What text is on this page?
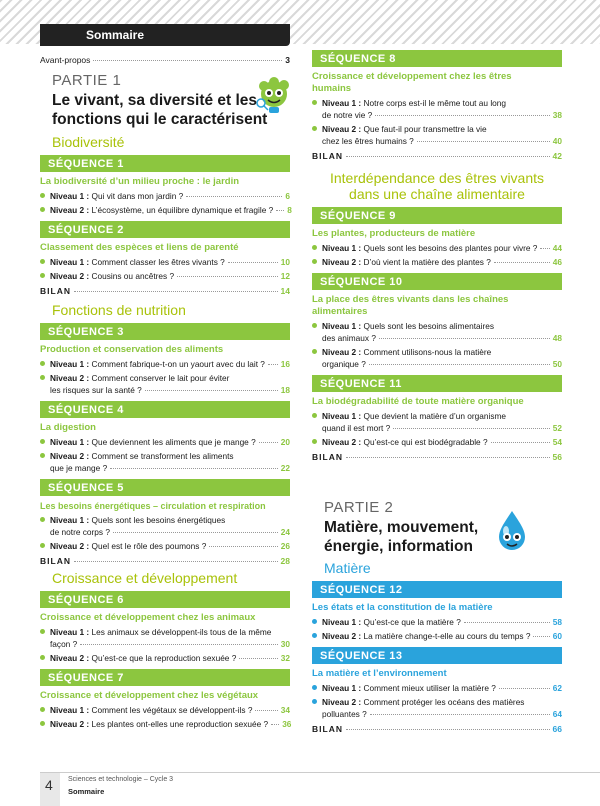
Sommaire
Avant-propos	3
PARTIE 1
Le vivant, sa diversité et les
fonctions qui le caractérisent
Biodiversité
SÉQUENCE 1
La biodiversité d’un milieu proche : le jardin
Niveau 1 : Qui vit dans mon jardin ?	6
Niveau 2 : L’écosystème, un équilibre dynamique et fragile ? 8
SÉQUENCE 2
Classement des espèces et liens de parenté
Niveau 1 : Comment classer les êtres vivants ?	10
Niveau 2 : Cousins ou ancêtres ?	12
BILAN	14
Fonctions de nutrition
SÉQUENCE 3
Production et conservation des aliments
Niveau 1 : Comment fabrique-t-on un yaourt avec du lait ? 16
Niveau 2 : Comment conserver le lait pour éviter
les risques sur la santé ?	18
SÉQUENCE 4
La digestion
Niveau 1 : Que deviennent les aliments que je mange ?	20
Niveau 2 : Comment se transforment les aliments
que je mange ?	22
SÉQUENCE 5
Les besoins énergétiques – circulation et respiration
Niveau 1 : Quels sont les besoins énergétiques
de notre corps ?	24
Niveau 2 : Quel est le rôle des poumons ?	26
BILAN	28
Croissance et développement
SÉQUENCE 6
Croissance et développement chez les animaux
Niveau 1 : Les animaux se développent-ils tous de la même
façon ?	30
Niveau 2 : Qu’est-ce que la reproduction sexuée ?	32
SÉQUENCE 7
Croissance et développement chez les végétaux
Niveau 1 : Comment les végétaux se développent-ils ?	34
Niveau 2 : Les plantes ont-elles une reproduction sexuée ? 36
SÉQUENCE 8
Croissance et développement chez les êtres
humains
Niveau 1 : Notre corps est-il le même tout au long
de notre vie ?	38
Niveau 2 : Que faut-il pour transmettre la vie
chez les êtres humains ?	40
BILAN	42
Interdépendance des êtres vivants
dans une chaîne alimentaire
SÉQUENCE 9
Les plantes, producteurs de matière
Niveau 1 : Quels sont les besoins des plantes pour vivre ? 44
Niveau 2 : D’où vient la matière des plantes ?	46
SÉQUENCE 10
La place des êtres vivants dans les chaînes
alimentaires
Niveau 1 : Quels sont les besoins alimentaires
des animaux ?	48
Niveau 2 : Comment utilisons-nous la matière
organique ?	50
SÉQUENCE 11
La biodégradabilité de toute matière organique
Niveau 1 : Que devient la matière d’un organisme
quand il est mort ?	52
Niveau 2 : Qu’est-ce qui est biodégradable ?	54
BILAN	56
PARTIE 2
Matière, mouvement,
énergie, information
Matière
SÉQUENCE 12
Les états et la constitution de la matière
Niveau 1 : Qu’est-ce que la matière ?	58
Niveau 2 : La matière change-t-elle au cours du temps ?	60
SÉQUENCE 13
La matière et l’environnement
Niveau 1 : Comment mieux utiliser la matière ?	62
Niveau 2 : Comment protéger les océans des matières
polluantes ?	64
BILAN	66
4	Sciences et technologie – Cycle 3
Sommaire
